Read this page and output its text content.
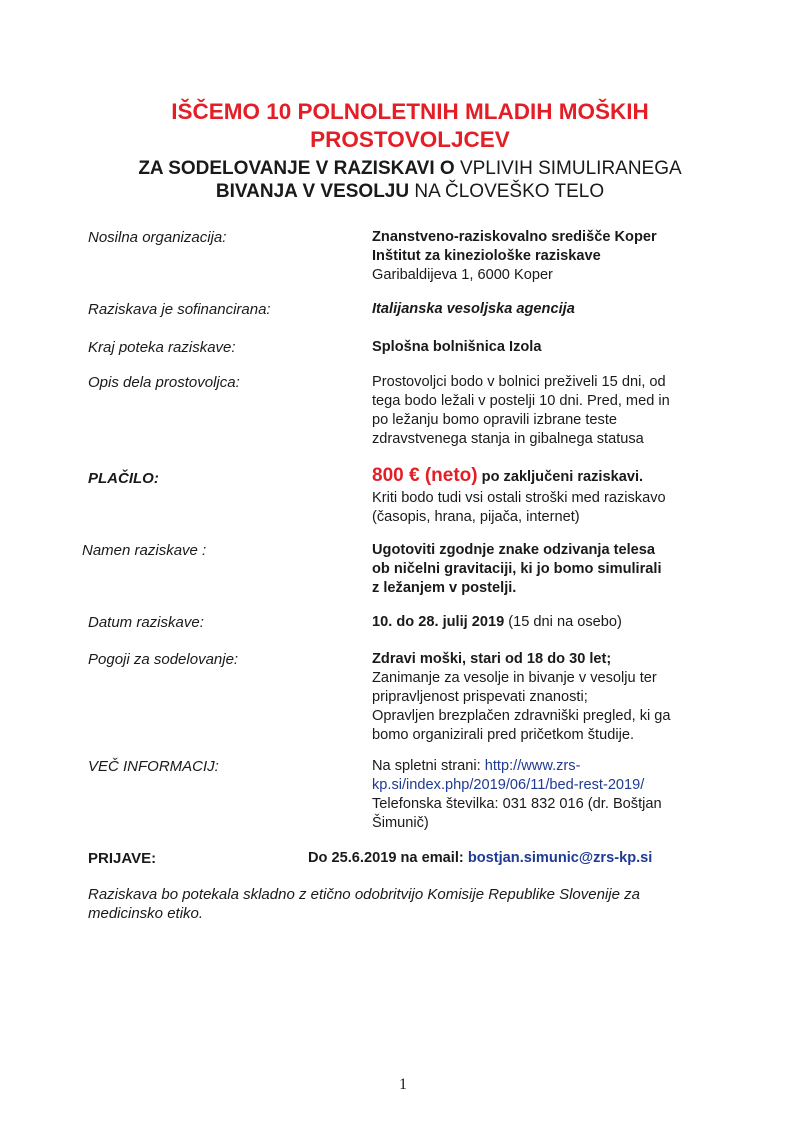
IŠČEMO 10 POLNOLETNIH MLADIH MOŠKIH
PROSTOVOLJCEV
ZA SODELOVANJE V RAZISKAVI O VPLIVIH SIMULIRANEGA
BIVANJA V VESOLJU NA ČLOVEŠKO TELO
Nosilna organizacija:	Znanstveno-raziskovalno središče Koper
Inštitut za kineziološke raziskave
Garibaldijeva 1, 6000 Koper
Raziskava je sofinancirana:	Italijanska vesoljska agencija
Kraj poteka raziskave:	Splošna bolnišnica Izola
Opis dela prostovoljca:	Prostovoljci bodo v bolnici preživeli 15 dni, od
tega bodo ležali v postelji 10 dni. Pred, med in
po ležanju bomo opravili izbrane teste
zdravstvenega stanja in gibalnega statusa
PLAČILO:	800 € (neto) po zaključeni raziskavi.
Kriti bodo tudi vsi ostali stroški med raziskavo
(časopis, hrana, pijača, internet)
Namen raziskave :	Ugotoviti zgodnje znake odzivanja telesa
ob ničelni gravitaciji, ki jo bomo simulirali
z ležanjem v postelji.
Datum raziskave:	10. do 28. julij 2019 (15 dni na osebo)
Pogoji za sodelovanje:	Zdravi moški, stari od 18 do 30 let;
Zanimanje za vesolje in bivanje v vesolju ter
pripravljenost prispevati znanosti;
Opravljen brezplačen zdravniški pregled, ki ga
bomo organizirali pred pričetkom študije.
VEČ INFORMACIJ:	Na spletni strani: http://www.zrs-
kp.si/index.php/2019/06/11/bed-rest-2019/
Telefonska številka: 031 832 016 (dr. Boštjan
Šimunič)
PRIJAVE:	Do 25.6.2019 na email: bostjan.simunic@zrs-kp.si
Raziskava bo potekala skladno z etično odobritvijo Komisije Republike Slovenije za
medicinsko etiko.
1
